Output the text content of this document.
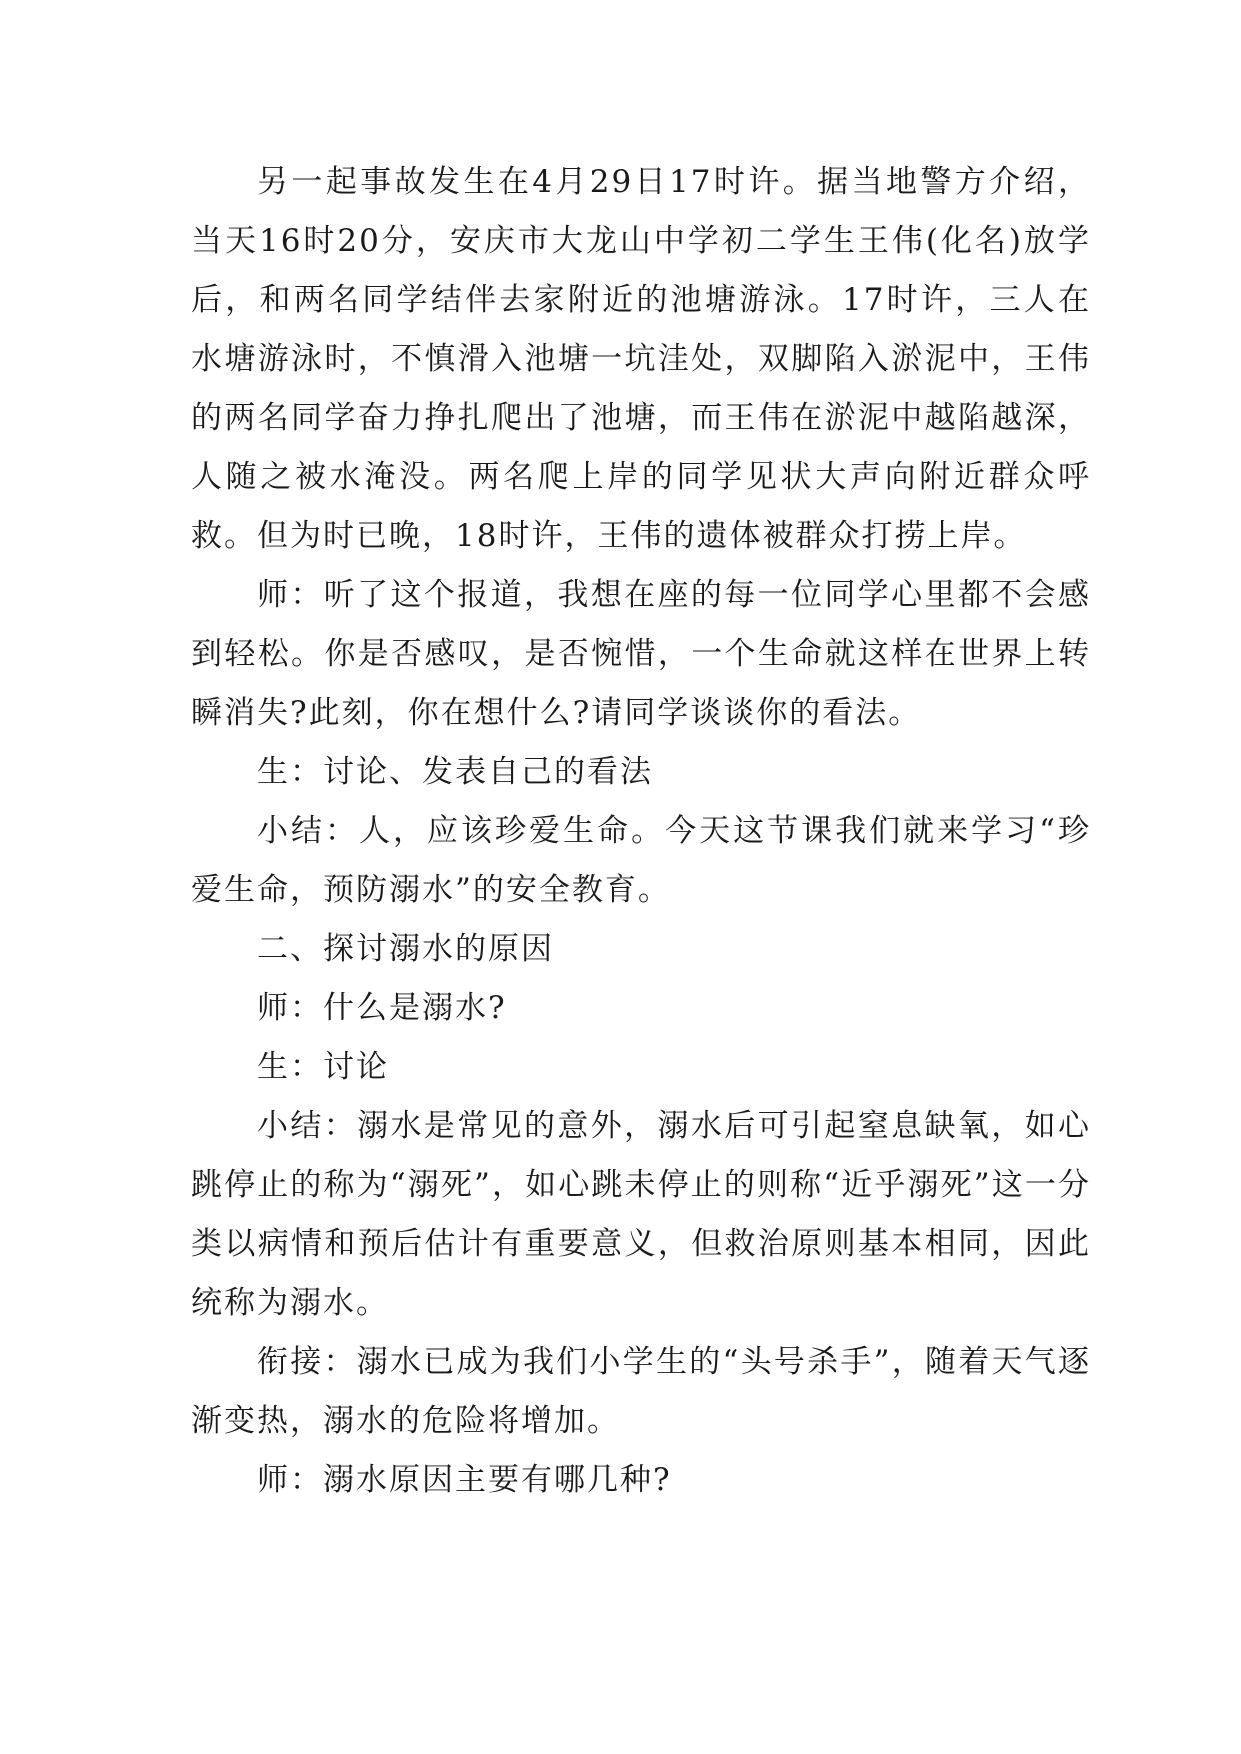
另一起事故发生在4月29日17时许。据当地警方介绍，当天16时20分，安庆市大龙山中学初二学生王伟(化名)放学后，和两名同学结伴去家附近的池塘游泳。17时许，三人在水塘游泳时，不慎滑入池塘一坑洼处，双脚陷入淤泥中，王伟的两名同学奋力挣扎爬出了池塘，而王伟在淤泥中越陷越深，人随之被水淹没。两名爬上岸的同学见状大声向附近群众呼救。但为时已晚，18时许，王伟的遗体被群众打捞上岸。

师：听了这个报道，我想在座的每一位同学心里都不会感到轻松。你是否感叹，是否惋惜，一个生命就这样在世界上转瞬消失?此刻，你在想什么?请同学谈谈你的看法。

生：讨论、发表自己的看法

小结：人，应该珍爱生命。今天这节课我们就来学习“珍爱生命，预防溺水”的安全教育。

二、探讨溺水的原因

师：什么是溺水?

生：讨论

小结：溺水是常见的意外，溺水后可引起窒息缺氧，如心跳停止的称为“溺死”，如心跳未停止的则称“近乎溺死”这一分类以病情和预后估计有重要意义，但救治原则基本相同，因此统称为溺水。

衔接：溺水已成为我们小学生的“头号杀手”，随着天气逐渐变热，溺水的危险将增加。

师：溺水原因主要有哪几种?
